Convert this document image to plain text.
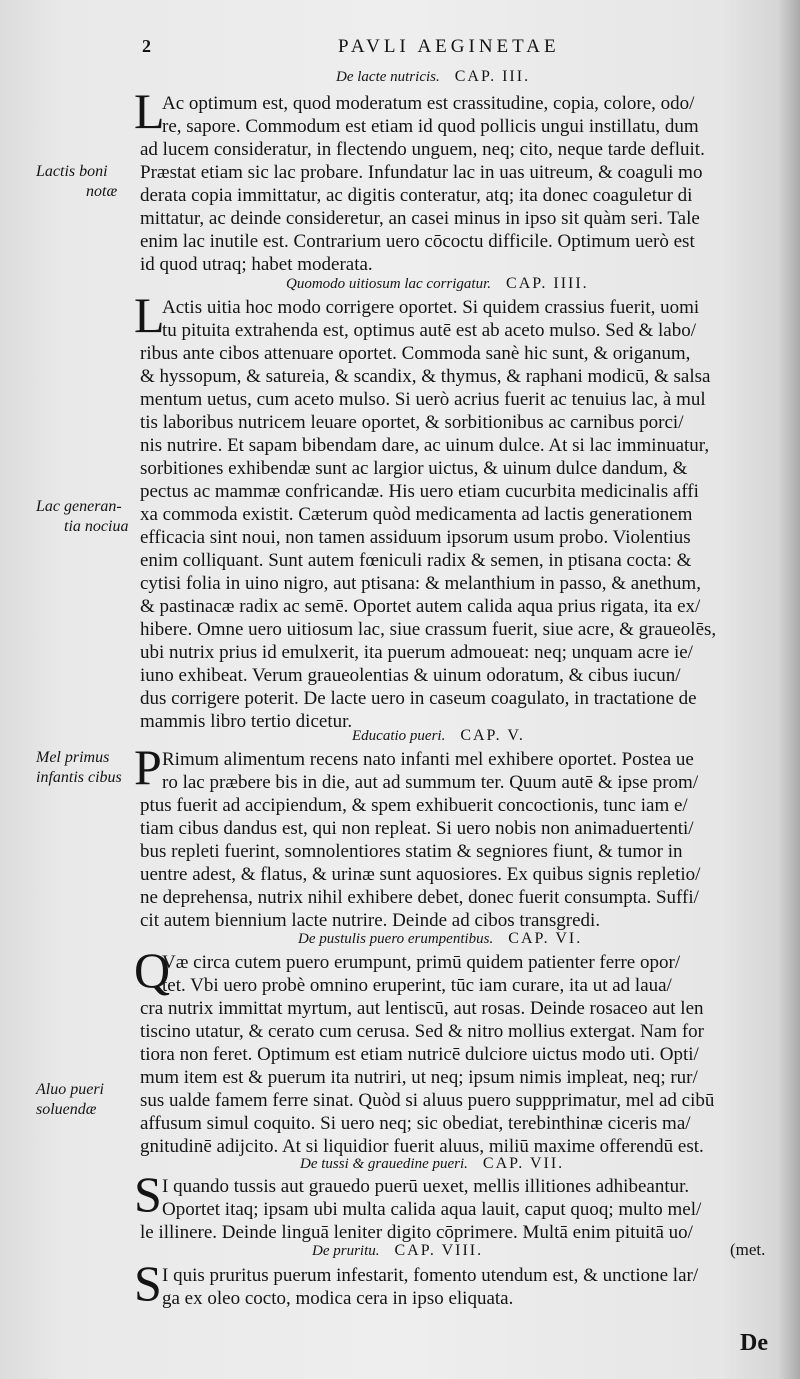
2	PAVLI AEGINETAE
De lacte nutricis. CAP. III.
L
Ac optimum est, quod moderatum est crassitudine, copia, colore, odo/
re, sapore. Commodum est etiam id quod pollicis ungui instillatu, dum
ad lucem consideratur, in flectendo unguem, neq; cito, neque tarde defluit.
Præstat etiam sic lac probare. Infundatur lac in uas uitreum, & coaguli mo
derata copia immittatur, ac digitis conteratur, atq; ita donec coaguletur di
mittatur, ac deinde consideretur, an casei minus in ipso sit quàm seri. Tale
enim lac inutile est. Contrarium uero cōcoctu difficile. Optimum uerò est
id quod utraq; habet moderata.
Quomodo uitiosum lac corrigatur. CAP. IIII.
L
Actis uitia hoc modo corrigere oportet. Si quidem crassius fuerit, uomi
tu pituita extrahenda est, optimus autē est ab aceto mulso. Sed & labo/
ribus ante cibos attenuare oportet. Commoda sanè hic sunt, & origanum,
& hyssopum, & satureia, & scandix, & thymus, & raphani modicū, & salsa
mentum uetus, cum aceto mulso. Si uerò acrius fuerit ac tenuius lac, à mul
tis laboribus nutricem leuare oportet, & sorbitionibus ac carnibus porci/
nis nutrire. Et sapam bibendam dare, ac uinum dulce. At si lac imminuatur,
sorbitiones exhibendæ sunt ac largior uictus, & uinum dulce dandum, &
pectus ac mammæ confricandæ. His uero etiam cucurbita medicinalis affi
xa commoda existit. Cæterum quòd medicamenta ad lactis generationem
efficacia sint noui, non tamen assiduum ipsorum usum probo. Violentius
enim colliquant. Sunt autem fœniculi radix & semen, in ptisana cocta: &
cytisi folia in uino nigro, aut ptisana: & melanthium in passo, & anethum,
& pastinacæ radix ac semē. Oportet autem calida aqua prius rigata, ita ex/
hibere. Omne uero uitiosum lac, siue crassum fuerit, siue acre, & graueolēs,
ubi nutrix prius id emulxerit, ita puerum admoueat: neq; unquam acre ie/
iuno exhibeat. Verum graueolentias & uinum odoratum, & cibus iucun/
dus corrigere poterit. De lacte uero in caseum coagulato, in tractatione de
mammis libro tertio dicetur.
Educatio pueri. CAP. V.
P Rimum alimentum recens nato infanti mel exhibere oportet. Postea ue
ro lac præbere bis in die, aut ad summum ter. Quum autē & ipse prom/
ptus fuerit ad accipiendum, & spem exhibuerit concoctionis, tunc iam e/
tiam cibus dandus est, qui non repleat. Si uero nobis non animaduertenti/
bus repleti fuerint, somnolentiores statim & segniores fiunt, & tumor in
uentre adest, & flatus, & urinæ sunt aquosiores. Ex quibus signis repletio/
ne deprehensa, nutrix nihil exhibere debet, donec fuerit consumpta. Suffi/
cit autem biennium lacte nutrire. Deinde ad cibos transgredi.
De pustulis puero erumpentibus. CAP. VI.
Q
Væ circa cutem puero erumpunt, primū quidem patienter ferre opor/
tet. Vbi uero probè omnino eruperint, tūc iam curare, ita ut ad laua/
cra nutrix immittat myrtum, aut lentiscū, aut rosas. Deinde rosaceo aut len
tiscino utatur, & cerato cum cerusa. Sed & nitro mollius extergat. Nam for
tiora non feret. Optimum est etiam nutricē dulciore uictus modo uti. Opti/
mum item est & puerum ita nutriri, ut neq; ipsum nimis impleat, neq; rur/
sus ualde famem ferre sinat. Quòd si aluus puero suppprimatur, mel ad cibū
affusum simul coquito. Si uero neq; sic obediat, terebinthinæ ciceris ma/
gnitudinē adijcito. At si liquidior fuerit aluus, miliū maxime offerendū est.
De tussi & grauedine pueri. CAP. VII.
S I quando tussis aut grauedo puerū uexet, mellis illitiones adhibeantur.
Oportet itaq; ipsam ubi multa calida aqua lauit, caput quoq; multo mel/
le illinere. Deinde linguā leniter digito cōprimere. Multā enim pituitā uo/
De pruritu. CAP. VIII.	(met.
S I quis pruritus puerum infestarit, fomento utendum est, & unctione lar/
ga ex oleo cocto, modica cera in ipso eliquata.
Lactis boni
notæ
Lac generan-
tia nociua
Mel primus
infantis cibus
Aluo pueri
soluendæ
De
